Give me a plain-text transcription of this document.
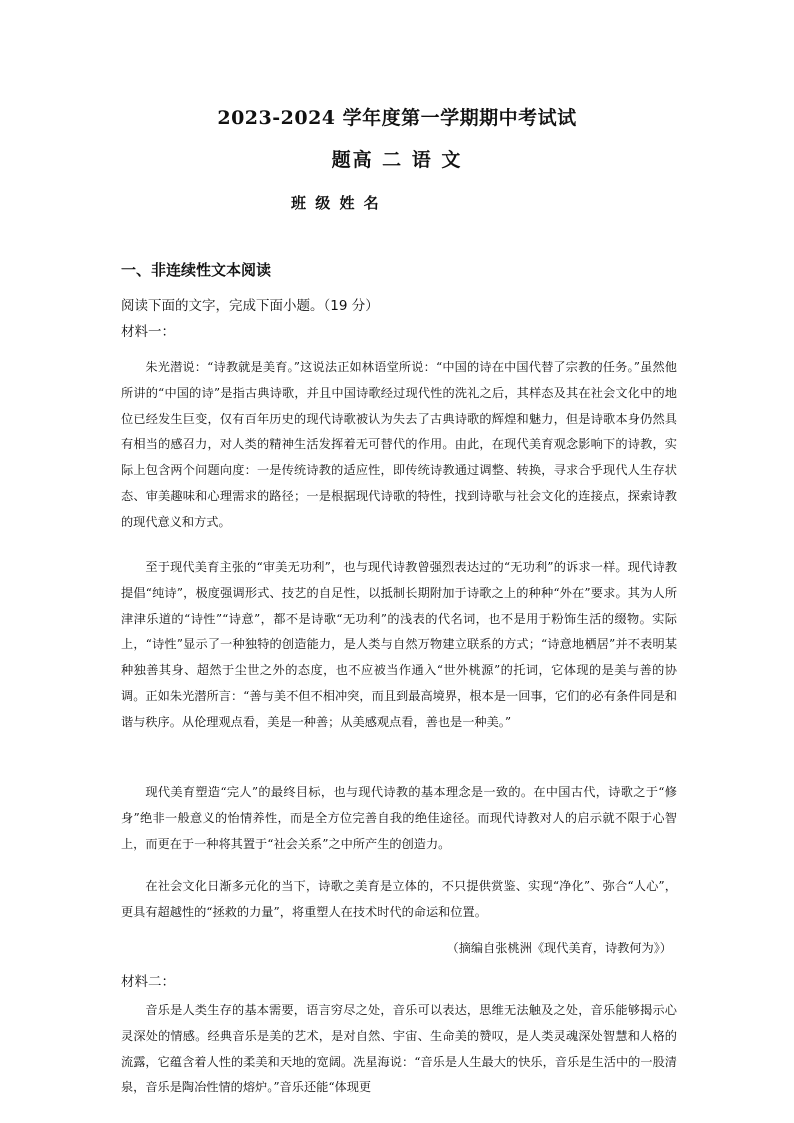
2023-2024 学年度第一学期期中考试试
题高 二 语 文
班 级 姓 名
一、非连续性文本阅读
阅读下面的文字，完成下面小题。（19 分）
材料一：

朱光潜说：“诗教就是美育。”这说法正如林语堂所说：“中国的诗在中国代替了宗教的任务。”虽然他所讲的“中国的诗”是指古典诗歌，并且中国诗歌经过现代性的洗礼之后，其样态及其在社会文化中的地位已经发生巨变，仅有百年历史的现代诗歌被认为失去了古典诗歌的辉煌和魅力，但是诗歌本身仍然具有相当的感召力，对人类的精神生活发挥着无可替代的作用。由此，在现代美育观念影响下的诗教，实际上包含两个问题向度：一是传统诗教的适应性，即传统诗教通过调整、转换，寻求合乎现代人生存状态、审美趣味和心理需求的路径；一是根据现代诗歌的特性，找到诗歌与社会文化的连接点，探索诗教的现代意义和方式。

至于现代美育主张的“审美无功利”，也与现代诗教曾强烈表达过的“无功利”的诉求一样。现代诗教提倡“纯诗”，极度强调形式、技艺的自足性，以抵制长期附加于诗歌之上的种种“外在”要求。其为人所津津乐道的“诗性”“诗意”，都不是诗歌“无功利”的浅表的代名词，也不是用于粉饰生活的缀物。实际上，“诗性”显示了一种独特的创造能力，是人类与自然万物建立联系的方式；“诗意地栖居”并不表明某种独善其身、超然于尘世之外的态度，也不应被当作通入“世外桃源”的托词，它体现的是美与善的协调。正如朱光潜所言：“善与美不但不相冲突，而且到最高境界，根本是一回事，它们的必有条件同是和谐与秩序。从伦理观点看，美是一种善；从美感观点看，善也是一种美。”

现代美育塑造“完人”的最终目标，也与现代诗教的基本理念是一致的。在中国古代，诗歌之于“修身”绝非一般意义的怡情养性，而是全方位完善自我的绝佳途径。而现代诗教对人的启示就不限于心智上，而更在于一种将其置于“社会关系”之中所产生的创造力。

在社会文化日渐多元化的当下，诗歌之美育是立体的，不只提供赏鉴、实现“净化”、弥合“人心”，更具有超越性的“拯救的力量”，将重塑人在技术时代的命运和位置。

（摘编自张桃洲《现代美育，诗教何为》）
材料二：

音乐是人类生存的基本需要，语言穷尽之处，音乐可以表达，思维无法触及之处，音乐能够揭示心灵深处的情感。经典音乐是美的艺术，是对自然、宇宙、生命美的赞叹，是人类灵魂深处智慧和人格的流露，它蕴含着人性的柔美和天地的宽阔。冼星海说：“音乐是人生最大的快乐，音乐是生活中的一股清泉，音乐是陶冶性情的熔炉。”音乐还能“体现更
